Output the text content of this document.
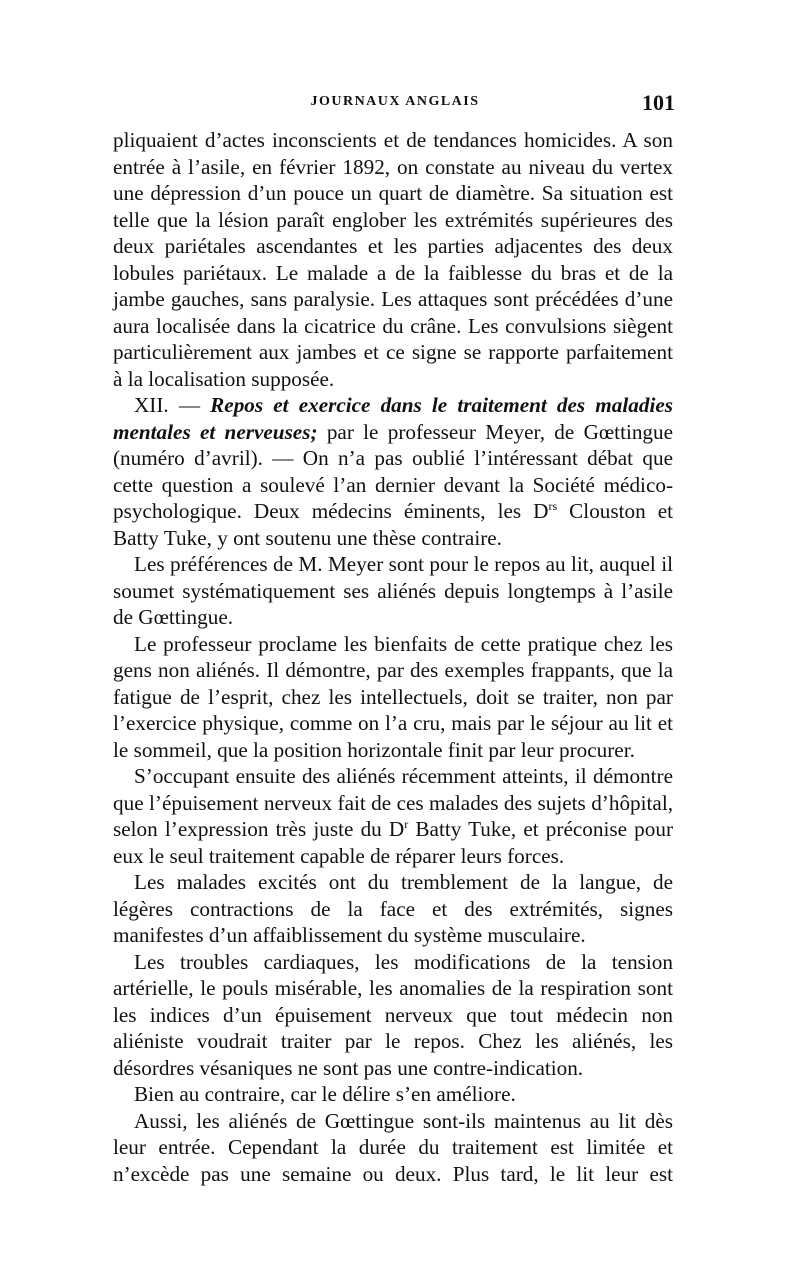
JOURNAUX ANGLAIS	101

pliquaient d’actes inconscients et de tendances homicides. A son entrée à l’asile, en février 1892, on constate au niveau du vertex une dépression d’un pouce un quart de diamètre. Sa situation est telle que la lésion paraît englober les extrémités supérieures des deux pariétales ascendantes et les parties adjacentes des deux lobules pariétaux. Le malade a de la faiblesse du bras et de la jambe gauches, sans paralysie. Les attaques sont précédées d’une aura localisée dans la cicatrice du crâne. Les convulsions siègent particulièrement aux jambes et ce signe se rapporte parfaitement à la localisation supposée.

XII. — Repos et exercice dans le traitement des maladies mentales et nerveuses; par le professeur Meyer, de Gœttingue (numéro d’avril). — On n’a pas oublié l’intéressant débat que cette question a soulevé l’an dernier devant la Société médico-psychologique. Deux médecins éminents, les $D^{rs}$ Clouston et Batty Tuke, y ont soutenu une thèse contraire.

Les préférences de M. Meyer sont pour le repos au lit, auquel il soumet systématiquement ses aliénés depuis longtemps à l’asile de Gœttingue.

Le professeur proclame les bienfaits de cette pratique chez les gens non aliénés. Il démontre, par des exemples frappants, que la fatigue de l’esprit, chez les intellectuels, doit se traiter, non par l’exercice physique, comme on l’a cru, mais par le séjour au lit et le sommeil, que la position horizontale finit par leur procurer.

S’occupant ensuite des aliénés récemment atteints, il démontre que l’épuisement nerveux fait de ces malades des sujets d’hôpital, selon l’expression très juste du $D^r$ Batty Tuke, et préconise pour eux le seul traitement capable de réparer leurs forces.

Les malades excités ont du tremblement de la langue, de légères contractions de la face et des extrémités, signes manifestes d’un affaiblissement du système musculaire.

Les troubles cardiaques, les modifications de la tension artérielle, le pouls misérable, les anomalies de la respiration sont les indices d’un épuisement nerveux que tout médecin non aliéniste voudrait traiter par le repos. Chez les aliénés, les désordres vésaniques ne sont pas une contre-indication.

Bien au contraire, car le délire s’en améliore.

Aussi, les aliénés de Gœttingue sont-ils maintenus au lit dès leur entrée. Cependant la durée du traitement est limitée et n’excède pas une semaine ou deux. Plus tard, le lit leur est
